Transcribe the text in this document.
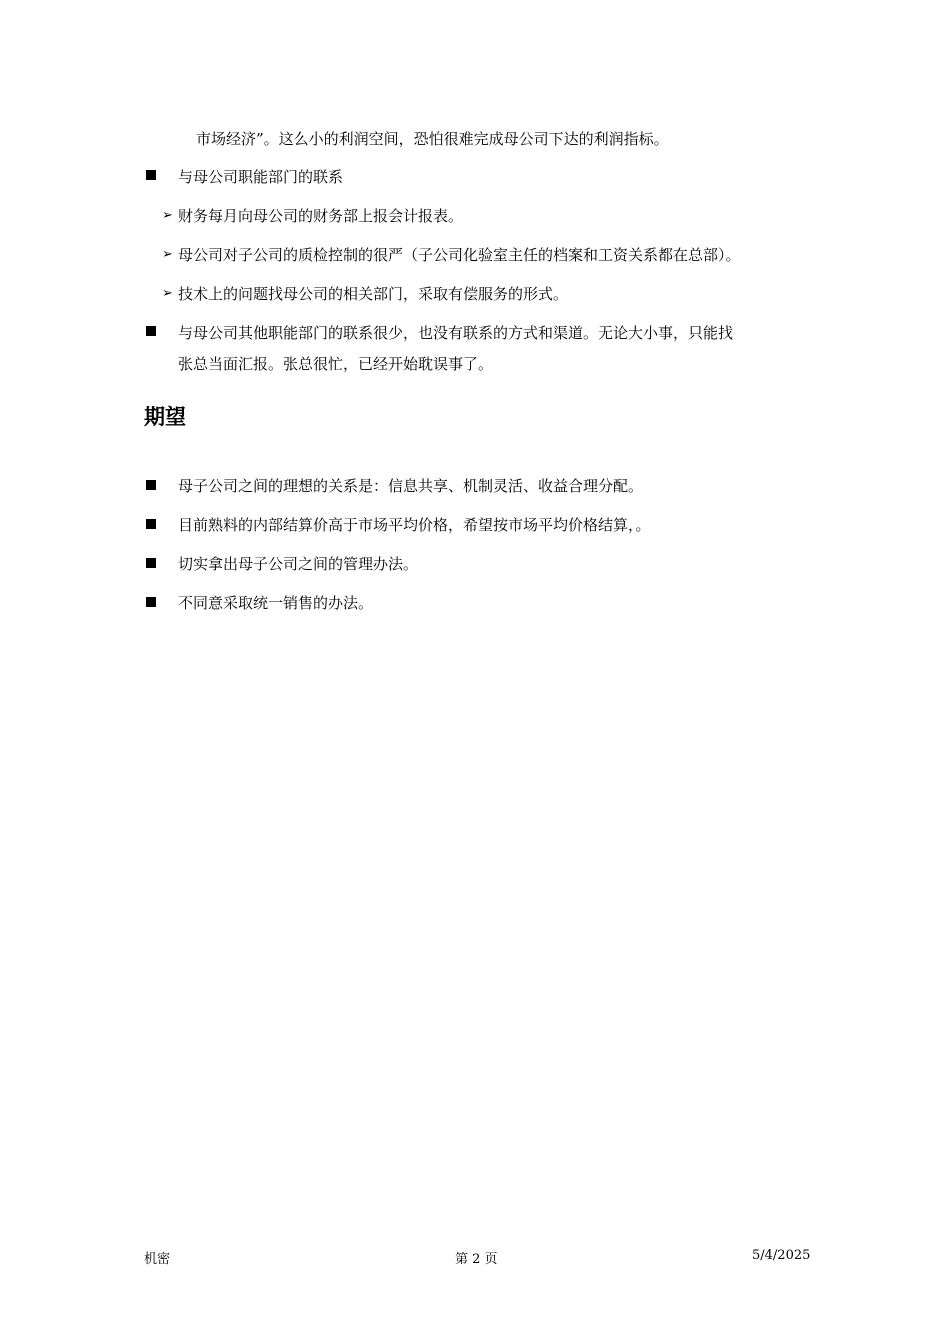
市场经济”。这么小的利润空间，恐怕很难完成母公司下达的利润指标。
与母公司职能部门的联系
➢ 财务每月向母公司的财务部上报会计报表。
➢ 母公司对子公司的质检控制的很严（子公司化验室主任的档案和工资关系都在总部）。
➢ 技术上的问题找母公司的相关部门，采取有偿服务的形式。
与母公司其他职能部门的联系很少，也没有联系的方式和渠道。无论大小事，只能找
张总当面汇报。张总很忙，已经开始耽误事了。
期望
母子公司之间的理想的关系是：信息共享、机制灵活、收益合理分配。
目前熟料的内部结算价高于市场平均价格，希望按市场平均价格结算，。
切实拿出母子公司之间的管理办法。
不同意采取统一销售的办法。
机密	第 2 页	5/4/2025
